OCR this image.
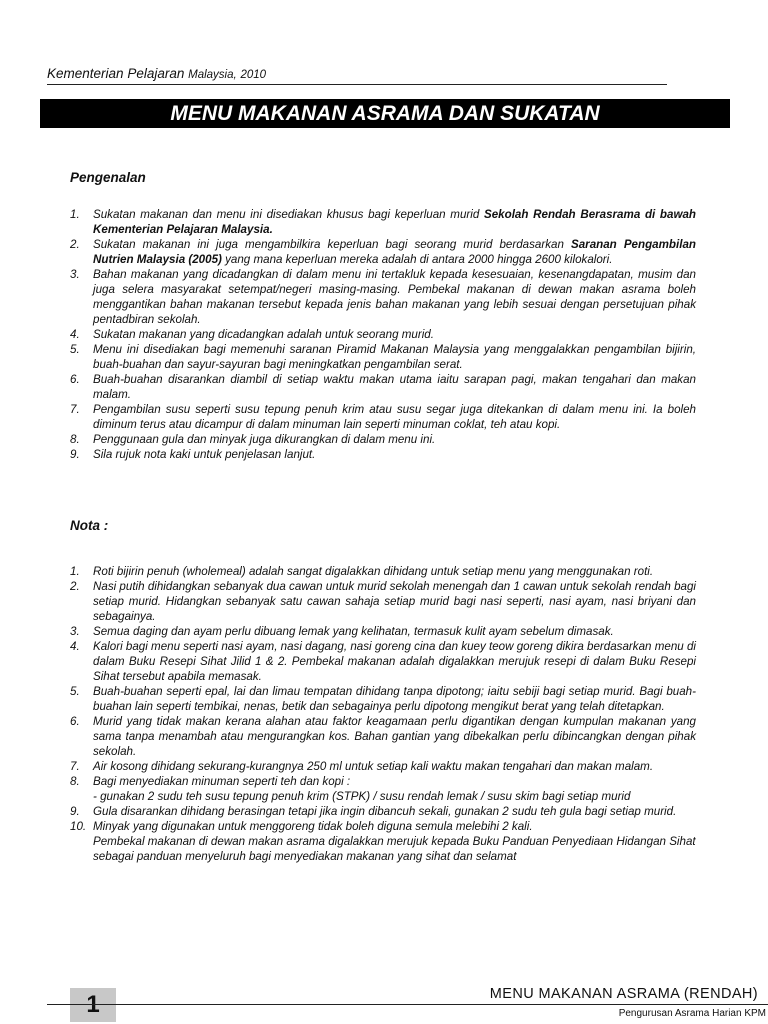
Kementerian Pelajaran Malaysia, 2010
MENU MAKANAN ASRAMA DAN SUKATAN
Pengenalan
1. Sukatan makanan dan menu ini disediakan khusus bagi keperluan murid Sekolah Rendah Berasrama di bawah Kementerian Pelajaran Malaysia.
2. Sukatan makanan ini juga mengambilkira keperluan bagi seorang murid berdasarkan Saranan Pengambilan Nutrien Malaysia (2005) yang mana keperluan mereka adalah di antara 2000 hingga 2600 kilokalori.
3. Bahan makanan yang dicadangkan di dalam menu ini tertakluk kepada kesesuaian, kesenangdapatan, musim dan juga selera masyarakat setempat/negeri masing-masing. Pembekal makanan di dewan makan asrama boleh menggantikan bahan makanan tersebut kepada jenis bahan makanan yang lebih sesuai dengan persetujuan pihak pentadbiran sekolah.
4. Sukatan makanan yang dicadangkan adalah untuk seorang murid.
5. Menu ini disediakan bagi memenuhi saranan Piramid Makanan Malaysia yang menggalakkan pengambilan bijirin, buah-buahan dan sayur-sayuran bagi meningkatkan pengambilan serat.
6. Buah-buahan disarankan diambil di setiap waktu makan utama iaitu sarapan pagi, makan tengahari dan makan malam.
7. Pengambilan susu seperti susu tepung penuh krim atau susu segar juga ditekankan di dalam menu ini. Ia boleh diminum terus atau dicampur di dalam minuman lain seperti minuman coklat, teh atau kopi.
8. Penggunaan gula dan minyak juga dikurangkan di dalam menu ini.
9. Sila rujuk nota kaki untuk penjelasan lanjut.
Nota :
1. Roti bijirin penuh (wholemeal) adalah sangat digalakkan dihidang untuk setiap menu yang menggunakan roti.
2. Nasi putih dihidangkan sebanyak dua cawan untuk murid sekolah menengah dan 1 cawan untuk sekolah rendah bagi setiap murid. Hidangkan sebanyak satu cawan sahaja setiap murid bagi nasi seperti, nasi ayam, nasi briyani dan sebagainya.
3. Semua daging dan ayam perlu dibuang lemak yang kelihatan, termasuk kulit ayam sebelum dimasak.
4. Kalori bagi menu seperti nasi ayam, nasi dagang, nasi goreng cina dan kuey teow goreng dikira berdasarkan menu di dalam Buku Resepi Sihat Jilid 1 & 2. Pembekal makanan adalah digalakkan merujuk resepi di dalam Buku Resepi Sihat tersebut apabila memasak.
5. Buah-buahan seperti epal, lai dan limau tempatan dihidang tanpa dipotong; iaitu sebiji bagi setiap murid. Bagi buah-buahan lain seperti tembikai, nenas, betik dan sebagainya perlu dipotong mengikut berat yang telah ditetapkan.
6. Murid yang tidak makan kerana alahan atau faktor keagamaan perlu digantikan dengan kumpulan makanan yang sama tanpa menambah atau mengurangkan kos. Bahan gantian yang dibekalkan perlu dibincangkan dengan pihak sekolah.
7. Air kosong dihidang sekurang-kurangnya 250 ml untuk setiap kali waktu makan tengahari dan makan malam.
8. Bagi menyediakan minuman seperti teh dan kopi :
- gunakan 2 sudu teh susu tepung penuh krim (STPK) / susu rendah lemak / susu skim bagi setiap murid
9. Gula disarankan dihidang berasingan tetapi jika ingin dibancuh sekali, gunakan 2 sudu teh gula bagi setiap murid.
10. Minyak yang digunakan untuk menggoreng tidak boleh diguna semula melebihi 2 kali.
Pembekal makanan di dewan makan asrama digalakkan merujuk kepada Buku Panduan Penyediaan Hidangan Sihat sebagai panduan menyeluruh bagi menyediakan makanan yang sihat dan selamat
1	MENU MAKANAN ASRAMA (RENDAH)
Pengurusan Asrama Harian KPM
